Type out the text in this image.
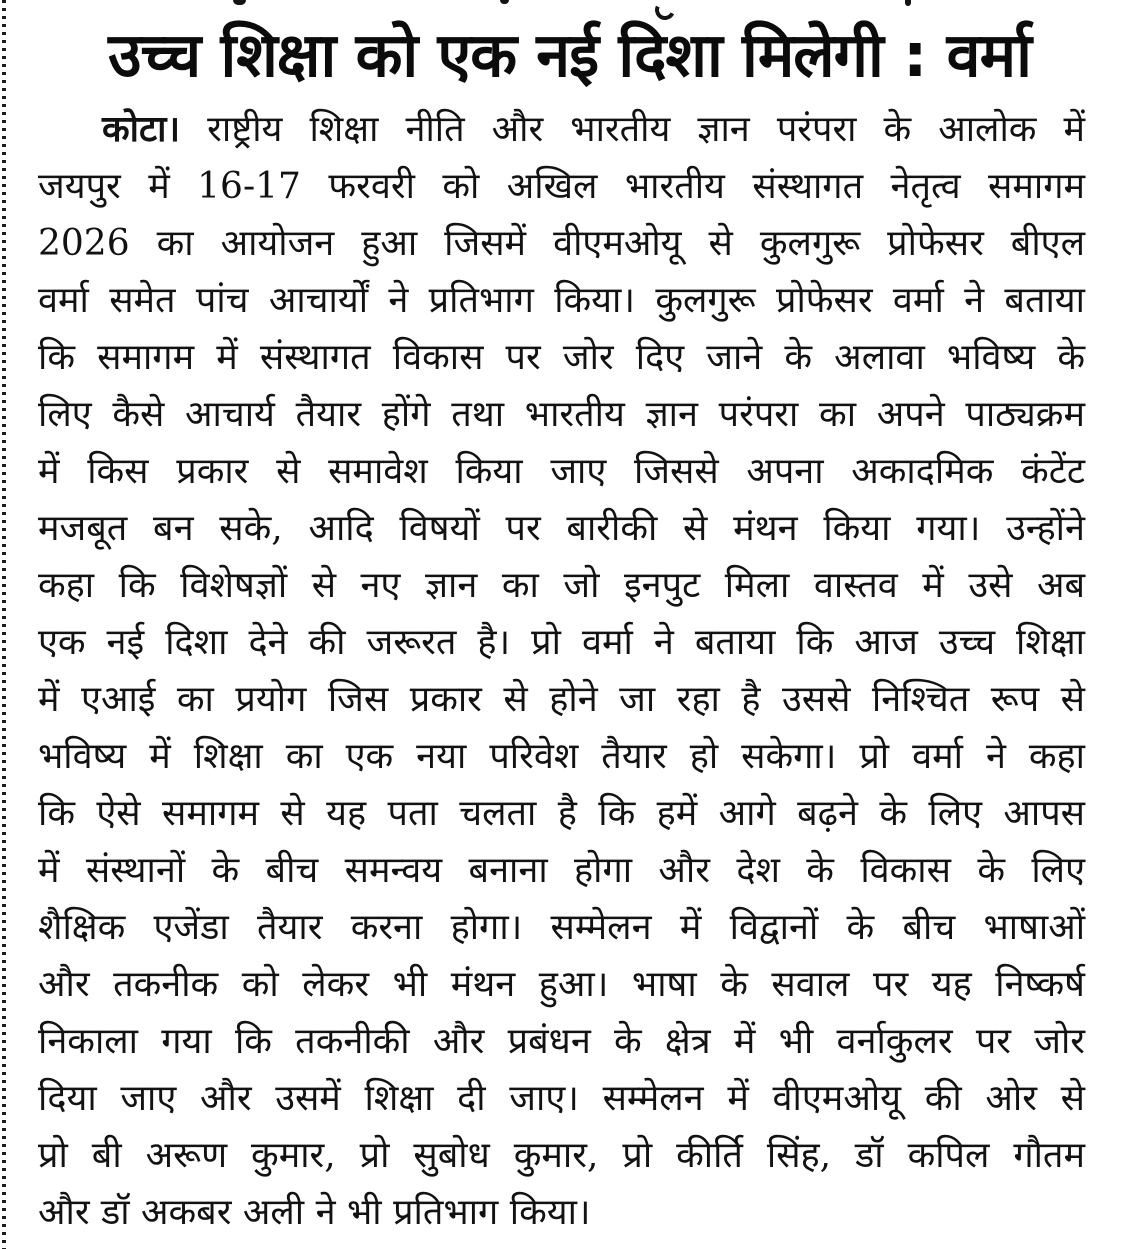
उच्च शिक्षा को एक नई दिशा मिलेगी : वर्मा
कोटा। राष्ट्रीय शिक्षा नीति और भारतीय ज्ञान परंपरा के आलोक में
जयपुर में 16-17 फरवरी को अखिल भारतीय संस्थागत नेतृत्व समागम
2026 का आयोजन हुआ जिसमें वीएमओयू से कुलगुरू प्रोफेसर बीएल
वर्मा समेत पांच आचार्यों ने प्रतिभाग किया। कुलगुरू प्रोफेसर वर्मा ने बताया
कि समागम में संस्थागत विकास पर जोर दिए जाने के अलावा भविष्य के
लिए कैसे आचार्य तैयार होंगे तथा भारतीय ज्ञान परंपरा का अपने पाठ्यक्रम
में किस प्रकार से समावेश किया जाए जिससे अपना अकादमिक कंटेंट
मजबूत बन सके, आदि विषयों पर बारीकी से मंथन किया गया। उन्होंने
कहा कि विशेषज्ञों से नए ज्ञान का जो इनपुट मिला वास्तव में उसे अब
एक नई दिशा देने की जरूरत है। प्रो वर्मा ने बताया कि आज उच्च शिक्षा
में एआई का प्रयोग जिस प्रकार से होने जा रहा है उससे निश्चित रूप से
भविष्य में शिक्षा का एक नया परिवेश तैयार हो सकेगा। प्रो वर्मा ने कहा
कि ऐसे समागम से यह पता चलता है कि हमें आगे बढ़ने के लिए आपस
में संस्थानों के बीच समन्वय बनाना होगा और देश के विकास के लिए
शैक्षिक एजेंडा तैयार करना होगा। सम्मेलन में विद्वानों के बीच भाषाओं
और तकनीक को लेकर भी मंथन हुआ। भाषा के सवाल पर यह निष्कर्ष
निकाला गया कि तकनीकी और प्रबंधन के क्षेत्र में भी वर्नाकुलर पर जोर
दिया जाए और उसमें शिक्षा दी जाए। सम्मेलन में वीएमओयू की ओर से
प्रो बी अरूण कुमार, प्रो सुबोध कुमार, प्रो कीर्ति सिंह, डॉ कपिल गौतम
और डॉ अकबर अली ने भी प्रतिभाग किया।
